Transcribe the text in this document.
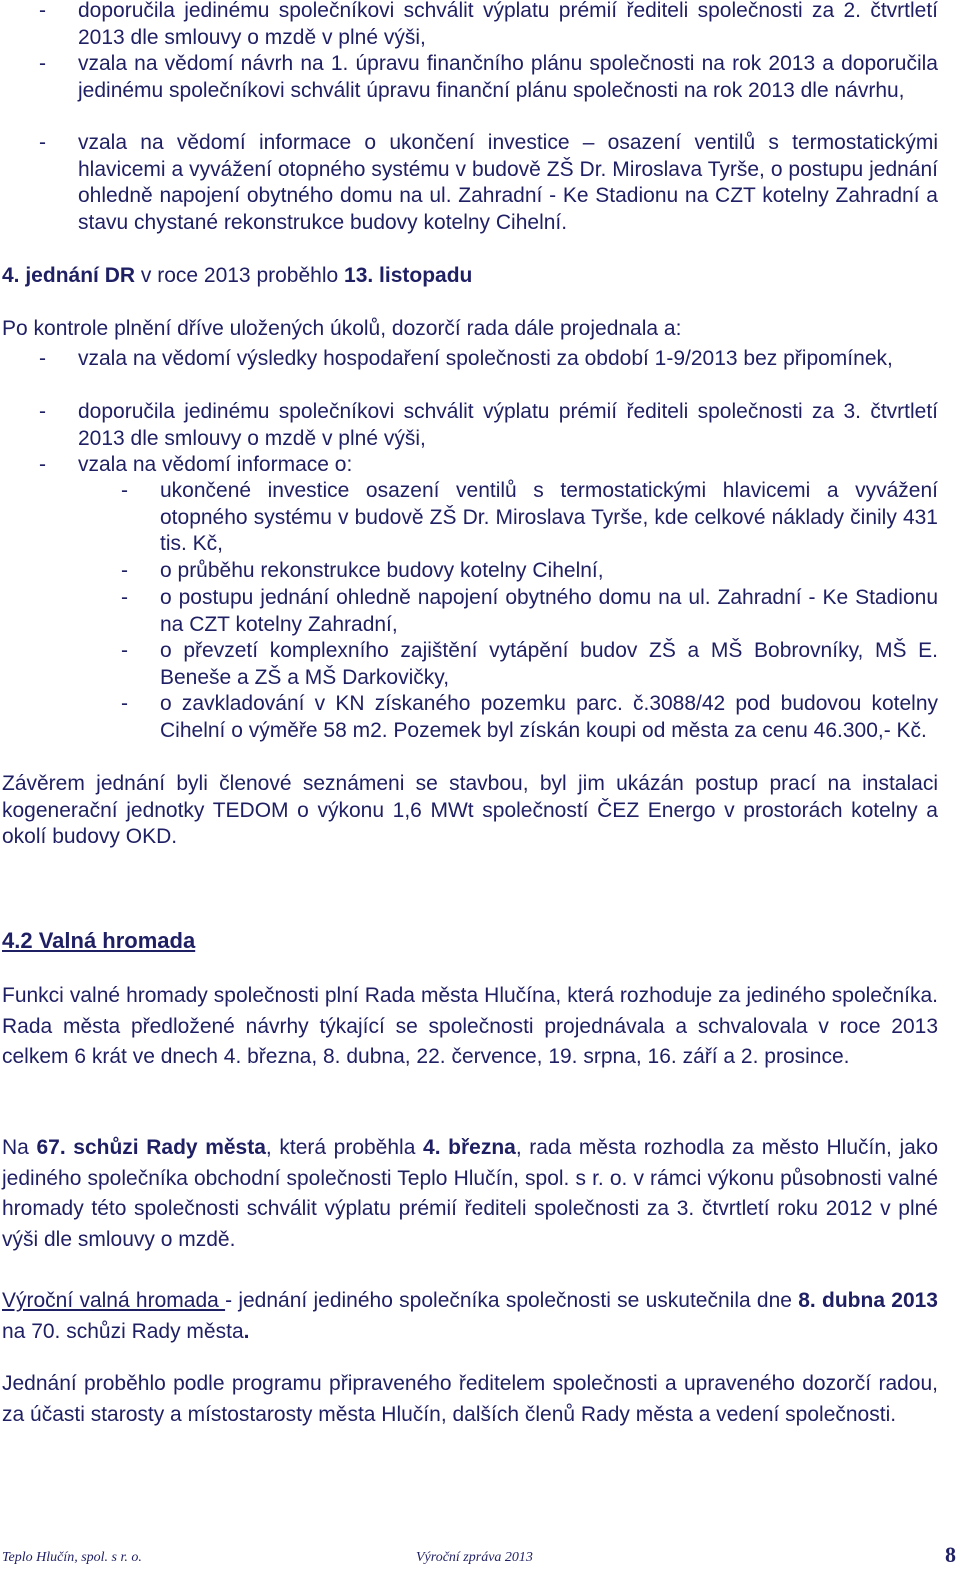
- doporučila jedinému společníkovi schválit výplatu prémií řediteli společnosti za 2. čtvrtletí 2013 dle smlouvy o mzdě v plné výši,

- vzala na vědomí návrh na 1. úpravu finančního plánu společnosti na rok 2013 a doporučila jedinému společníkovi schválit úpravu finanční plánu společnosti na rok 2013 dle návrhu,

- vzala na vědomí informace o ukončení investice – osazení ventilů s termostatickými hlavicemi a vyvážení otopného systému v budově ZŠ Dr. Miroslava Tyrše, o postupu jednání ohledně napojení obytného domu na ul. Zahradní - Ke Stadionu na CZT kotelny Zahradní a stavu chystané rekonstrukce budovy kotelny Cihelní.

4. jednání DR v roce 2013 proběhlo 13. listopadu

Po kontrole plnění dříve uložených úkolů, dozorčí rada dále projednala a:

- vzala na vědomí výsledky hospodaření společnosti za období 1-9/2013 bez připomínek,

- doporučila jedinému společníkovi schválit výplatu prémií řediteli společnosti za 3. čtvrtletí 2013 dle smlouvy o mzdě v plné výši,

- vzala na vědomí informace o:

- ukončené investice osazení ventilů s termostatickými hlavicemi a vyvážení otopného systému v budově ZŠ Dr. Miroslava Tyrše, kde celkové náklady činily 431 tis. Kč,

- o průběhu rekonstrukce budovy kotelny Cihelní,

- o postupu jednání ohledně napojení obytného domu na ul. Zahradní - Ke Stadionu na CZT kotelny Zahradní,

- o převzetí komplexního zajištění vytápění budov ZŠ a MŠ Bobrovníky, MŠ E. Beneše a ZŠ a MŠ Darkovičky,

- o zavkladování v KN získaného pozemku parc. č.3088/42 pod budovou kotelny Cihelní o výměře 58 m2. Pozemek byl získán koupi od města za cenu 46.300,- Kč.

Závěrem jednání byli členové seznámeni se stavbou, byl jim ukázán postup prací na instalaci kogenerační jednotky TEDOM o výkonu 1,6 MWt společností ČEZ Energo v prostorách kotelny a okolí budovy OKD.

4.2 Valná hromada

Funkci valné hromady společnosti plní Rada města Hlučína, která rozhoduje za jediného společníka. Rada města předložené návrhy týkající se společnosti projednávala a schvalovala v roce 2013 celkem 6 krát ve dnech 4. března, 8. dubna, 22. července, 19. srpna, 16. září a 2. prosince.

Na 67. schůzi Rady města, která proběhla 4. března, rada města rozhodla za město Hlučín, jako jediného společníka obchodní společnosti Teplo Hlučín, spol. s r. o. v rámci výkonu působnosti valné hromady této společnosti schválit výplatu prémií řediteli společnosti za 3. čtvrtletí roku 2012 v plné výši dle smlouvy o mzdě.

Výroční valná hromada - jednání jediného společníka společnosti se uskutečnila dne 8. dubna 2013 na 70. schůzi Rady města.

Jednání proběhlo podle programu připraveného ředitelem společnosti a upraveného dozorčí radou, za účasti starosty a místostarosty města Hlučín, dalších členů Rady města a vedení společnosti.

Teplo Hlučín, spol. s r. o.	Výroční zpráva 2013	8
